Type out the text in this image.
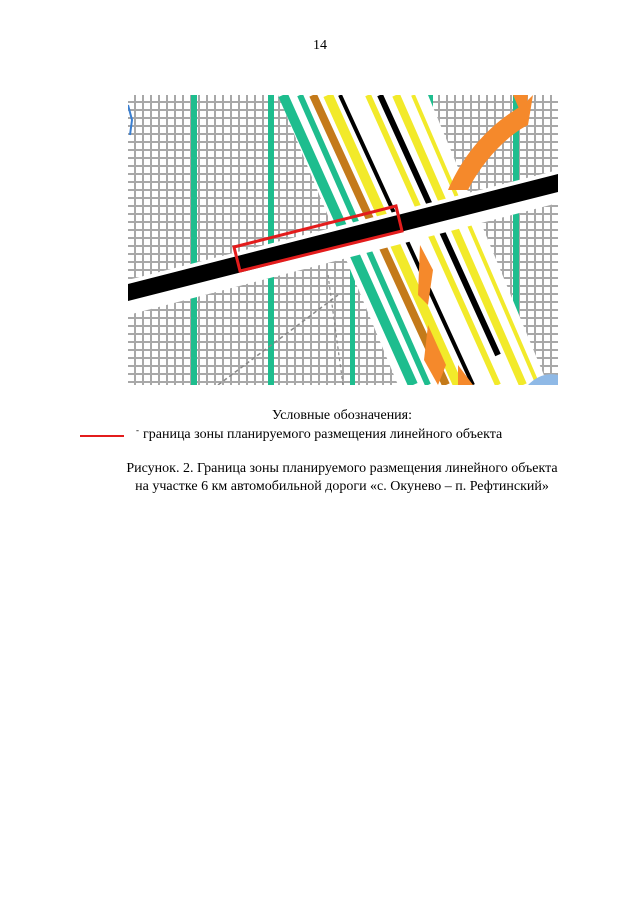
14
Условные обозначения:
- граница зоны планируемого размещения линейного объекта
Рисунок. 2. Граница зоны планируемого размещения линейного объекта
на участке 6 км автомобильной дороги «с. Окунево – п. Рефтинский»
